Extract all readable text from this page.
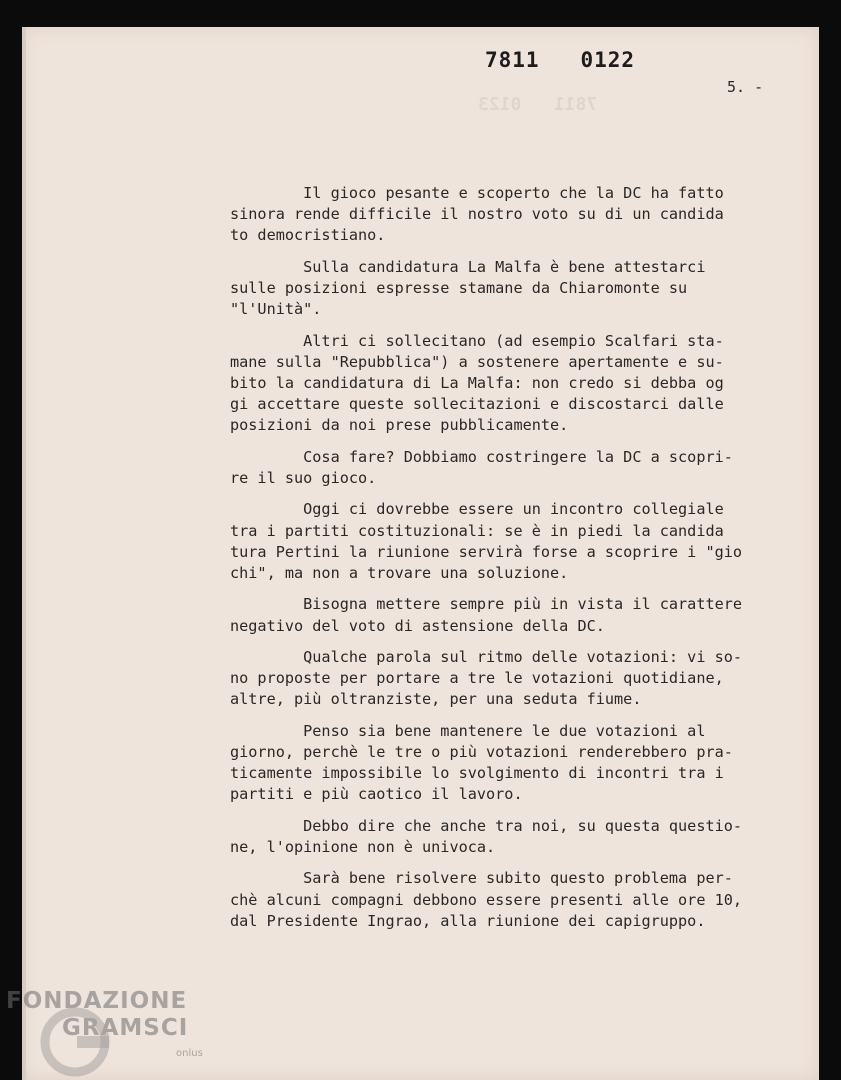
7811   0122
5. -
7811   0123

Il gioco pesante e scoperto che la DC ha fatto
sinora rende difficile il nostro voto su di un candida
to democristiano.

Sulla candidatura La Malfa è bene attestarci
sulle posizioni espresse stamane da Chiaromonte su
"l'Unità".

Altri ci sollecitano (ad esempio Scalfari sta-
mane sulla "Repubblica") a sostenere apertamente e su-
bito la candidatura di La Malfa: non credo si debba og
gi accettare queste sollecitazioni e discostarci dalle
posizioni da noi prese pubblicamente.

Cosa fare? Dobbiamo costringere la DC a scopri-
re il suo gioco.

Oggi ci dovrebbe essere un incontro collegiale
tra i partiti costituzionali: se è in piedi la candida
tura Pertini la riunione servirà forse a scoprire i "gio
chi", ma non a trovare una soluzione.

Bisogna mettere sempre più in vista il carattere
negativo del voto di astensione della DC.

Qualche parola sul ritmo delle votazioni: vi so-
no proposte per portare a tre le votazioni quotidiane,
altre, più oltranziste, per una seduta fiume.

Penso sia bene mantenere le due votazioni al
giorno, perchè le tre o più votazioni renderebbero pra-
ticamente impossibile lo svolgimento di incontri tra i
partiti e più caotico il lavoro.

Debbo dire che anche tra noi, su questa questio-
ne, l'opinione non è univoca.

Sarà bene risolvere subito questo problema per-
chè alcuni compagni debbono essere presenti alle ore 10,
dal Presidente Ingrao, alla riunione dei capigruppo.

FONDAZIONE
GRAMSCI
onlus
